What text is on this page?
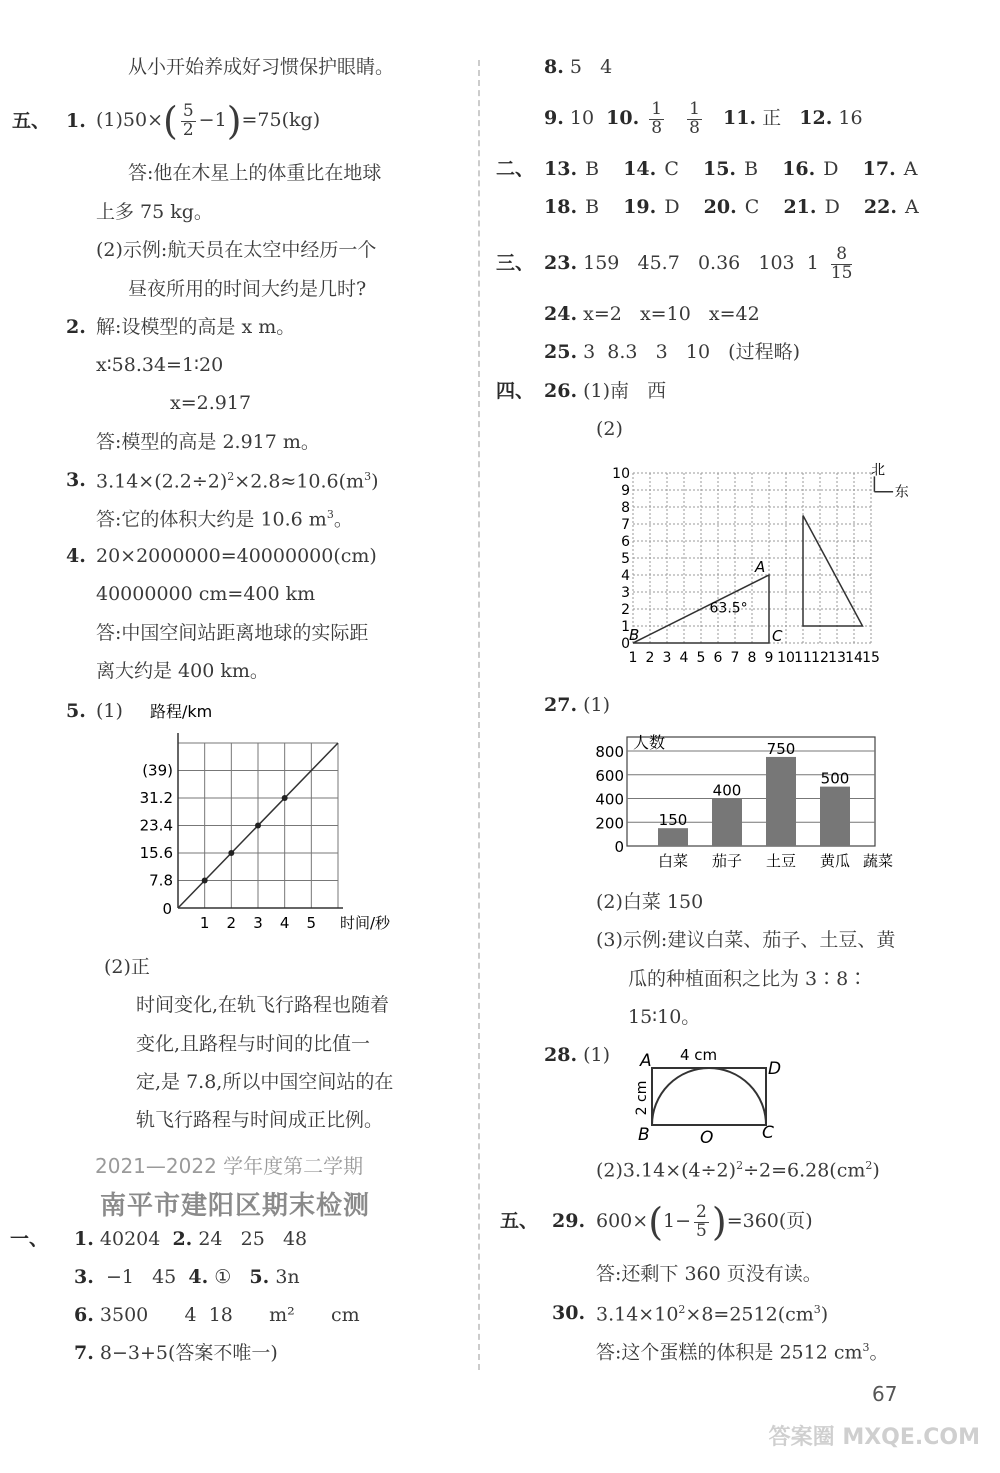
从小开始养成好习惯保护眼睛。
五、 1. $(1)50\times( \frac{5}{2} -1)=75(kg)$
答:他在木星上的体重比在地球
上多 75 kg。
(2)示例:航天员在太空中经历一个
昼夜所用的时间大约是几时?
2. 解:设模型的高是 x m。
x∶58.34=1∶20
x=2.917
答:模型的高是 2.917 m。
3. $3.14\times(2.2\div 2)^2\times 2.8\approx 10.6(m^3)$
答:它的体积大约是 10.6 $m^3$。
4. 20×2000000=40000000(cm)
40000000 cm=400 km
答:中国空间站距离地球的实际距
离大约是 400 km。
5. (1) 路程/km
时间/秒
0
1 2 3 4 5
7.8
15.6
23.4
31.2
(39)
(2)正
时间变化,在轨飞行路程也随着
变化,且路程与时间的比值一
定,是 7.8,所以中国空间站的在
轨飞行路程与时间成正比例。
2021—2022 学年度第二学期
南平市建阳区期末检测
一、 1. 40204 2. 24 25 48
3. −1 45 4. ① 5. 3n
6. 3500 4 18 m² cm
7. 8−3+5(答案不唯一)
8. 5 4
9. 10 10. $\frac{1}{8} \frac{1}{8} 11$. 正 12. 16
二、 13. B 14. C 15. B 16. D 17. A
18. B 19. D 20. C 21. D 22. A
三、 23. 159 45.7 0.36 103 $1 \frac{8}{15}$
24. x=2 x=10 x=42
25. 3 8.3 3 10 (过程略)
四、 26. (1)南 西
(2)
0
1
2
3
4
5
6
7
8
9
10
1 2 3 4 5 6 7 8 9 10 11 12 13 14 15
A
B	C
63.5°
北
东
27. (1)
0
200
400
600
800 人数
150
白菜
400
茄子
750
土豆
500
黄瓜 蔬菜
(2)白菜 150
(3)示例:建议白菜、茄子、土豆、黄
瓜的种植面积之比为 3∶8∶
15∶10。
28. (1) A	D
B	C
O
4 cm
2 cm
$(2)3.14\times(4\div 2)^2\div 2=6.28(cm^2)$
五、 29. $600\times(1- \frac{2}{5} )=360$(页)
答:还剩下 360 页没有读。
30. $3.14\times 10^2\times 8=2512(cm^3)$
答:这个蛋糕的体积是 2512 $cm^3$。
67
答案圈 MXQE.COM
